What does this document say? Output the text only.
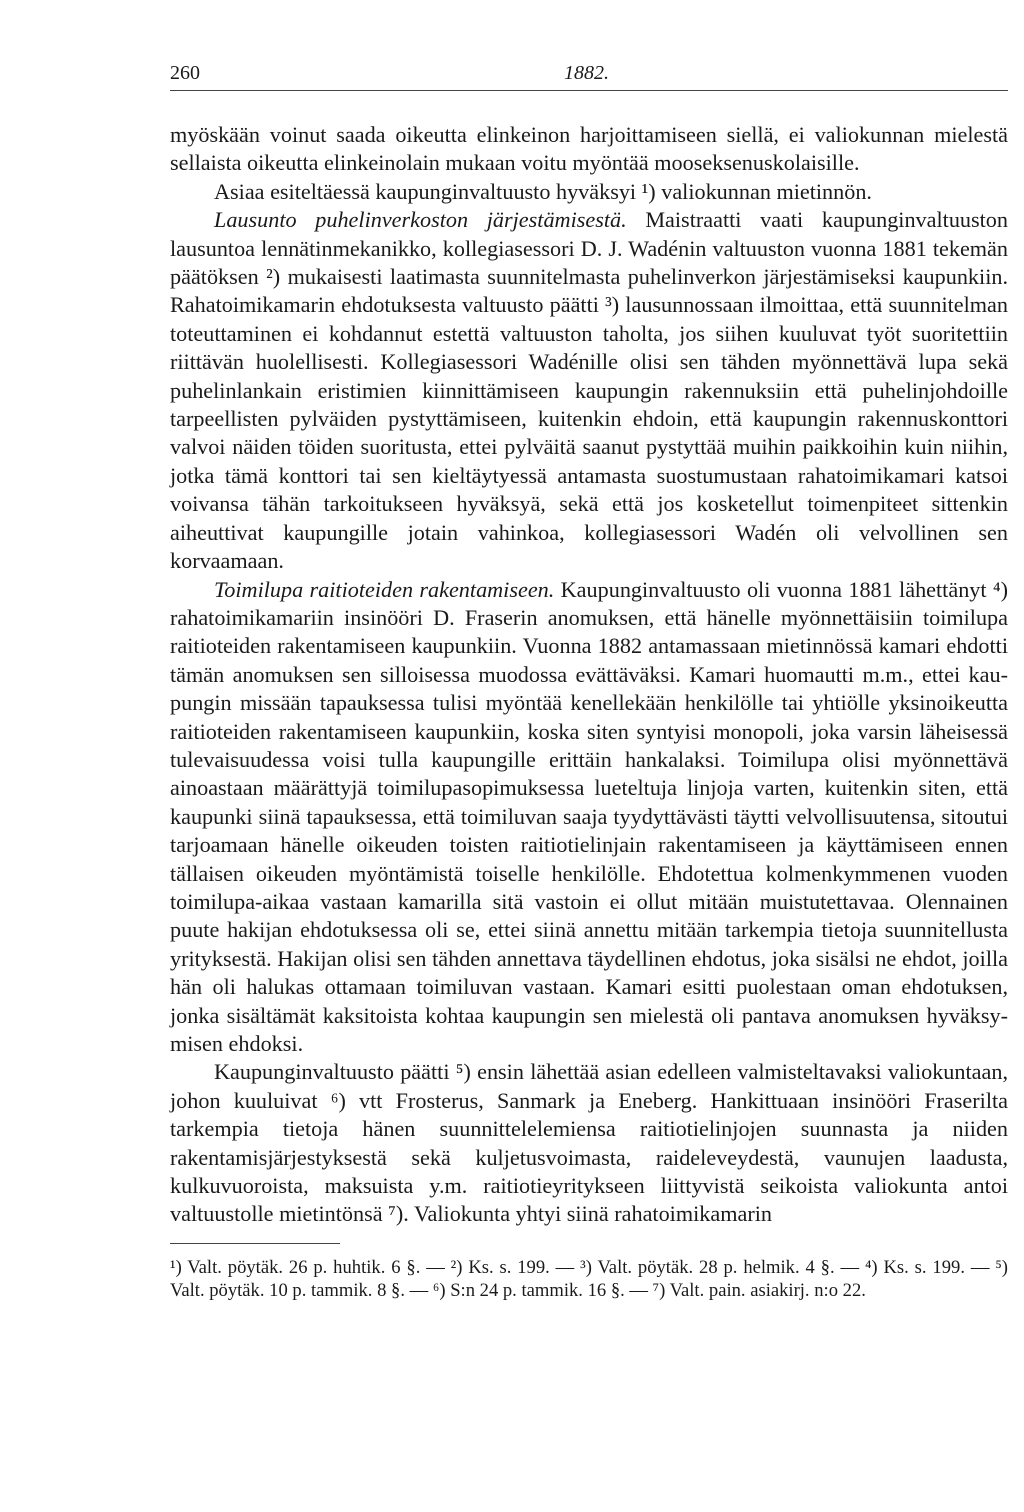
260	1882.

myöskään voinut saada oikeutta elinkeinon harjoittamiseen siellä, ei valiokunnan mielestä sellaista oikeutta elinkeinolain mukaan voitu myöntää mooseksenuskolaisille.

Asiaa esiteltäessä kaupunginvaltuusto hyväksyi ¹) valiokunnan mietinnön.

Lausunto puhelinverkoston järjestämisestä. Maistraatti vaati kaupunginvaltuuston lausuntoa lennätinmekanikko, kollegiasessori D. J. Wadénin valtuuston vuonna 1881 tekemän päätöksen ²) mukaisesti laatimasta suunnitelmasta puhelinverkon järjestämiseksi kaupunkiin. Rahatoimikamarin ehdotuksesta valtuusto päätti ³) lausunnossaan ilmoittaa, että suunnitelman toteuttaminen ei kohdannut estettä valtuuston taholta, jos siihen kuuluvat työt suoritettiin riittävän huolellisesti. Kollegiasessori Wadénille olisi sen tähden myönnettävä lupa sekä puhelinlankain eristimien kiinnittämiseen kaupungin rakennuksiin että puhelinjohdoille tarpeellisten pylväiden pystyttämiseen, kuitenkin ehdoin, että kaupungin rakennuskonttori valvoi näiden töiden suoritusta, ettei pylväitä saanut pystyttää muihin paikkoihin kuin niihin, jotka tämä konttori tai sen kieltäytyessä antamasta suostumustaan rahatoimikamari katsoi voivansa tähän tarkoitukseen hyväksyä, sekä että jos kosketellut toimenpiteet sittenkin aiheuttivat kaupungille jotain vahinkoa, kollegiasessori Wadén oli velvollinen sen korvaamaan.

Toimilupa raitioteiden rakentamiseen. Kaupunginvaltuusto oli vuonna 1881 lähettänyt ⁴) rahatoimikamariin insinööri D. Fraserin anomuksen, että hänelle myönnettäisiin toimilupa raitioteiden rakentamiseen kaupunkiin. Vuonna 1882 antamassaan mietinnössä kamari ehdotti tämän anomuksen sen silloisessa muodossa evättäväksi. Kamari huomautti m.m., ettei kaupungin missään tapauksessa tulisi myöntää kenellekään henkilölle tai yhtiölle yksinoikeutta raitioteiden rakentamiseen kaupunkiin, koska siten syntyisi monopoli, joka varsin läheisessä tulevaisuudessa voisi tulla kaupungille erittäin hankalaksi. Toimilupa olisi myönnettävä ainoastaan määrättyjä toimilupasopimuksessa lueteltuja linjoja varten, kuitenkin siten, että kaupunki siinä tapauksessa, että toimiluvan saaja tyydyttävästi täytti velvollisuutensa, sitoutui tarjoamaan hänelle oikeuden toisten raitiotielinjain rakentamiseen ja käyttämiseen ennen tällaisen oikeuden myöntämistä toiselle henkilölle. Ehdotettua kolmenkymmenen vuoden toimilupa-aikaa vastaan kamarilla sitä vastoin ei ollut mitään muistutettavaa. Olennainen puute hakijan ehdotuksessa oli se, ettei siinä annettu mitään tarkempia tietoja suunnitellusta yrityksestä. Hakijan olisi sen tähden annettava täydellinen ehdotus, joka sisälsi ne ehdot, joilla hän oli halukas ottamaan toimiluvan vastaan. Kamari esitti puolestaan oman ehdotuksen, jonka sisältämät kaksitoista kohtaa kaupungin sen mielestä oli pantava anomuksen hyväksymisen ehdoksi.

Kaupunginvaltuusto päätti ⁵) ensin lähettää asian edelleen valmisteltavaksi valiokuntaan, johon kuuluivat ⁶) vtt Frosterus, Sanmark ja Eneberg. Hankittuaan insinööri Fraserilta tarkempia tietoja hänen suunnittelelemiensa raitiotielinjojen suunnasta ja niiden rakentamisjärjestyksestä sekä kuljetusvoimasta, raideleveydestä, vaunujen laadusta, kulkuvuoroista, maksuista y.m. raitiotieyritykseen liittyvistä seikoista valiokunta antoi valtuustolle mietintönsä ⁷). Valiokunta yhtyi siinä rahatoimikamarin

¹) Valt. pöytäk. 26 p. huhtik. 6 §. — ²) Ks. s. 199. — ³) Valt. pöytäk. 28 p. helmik. 4 §. — ⁴) Ks. s. 199. — ⁵) Valt. pöytäk. 10 p. tammik. 8 §. — ⁶) S:n 24 p. tammik. 16 §. — ⁷) Valt. pain. asiakirj. n:o 22.
